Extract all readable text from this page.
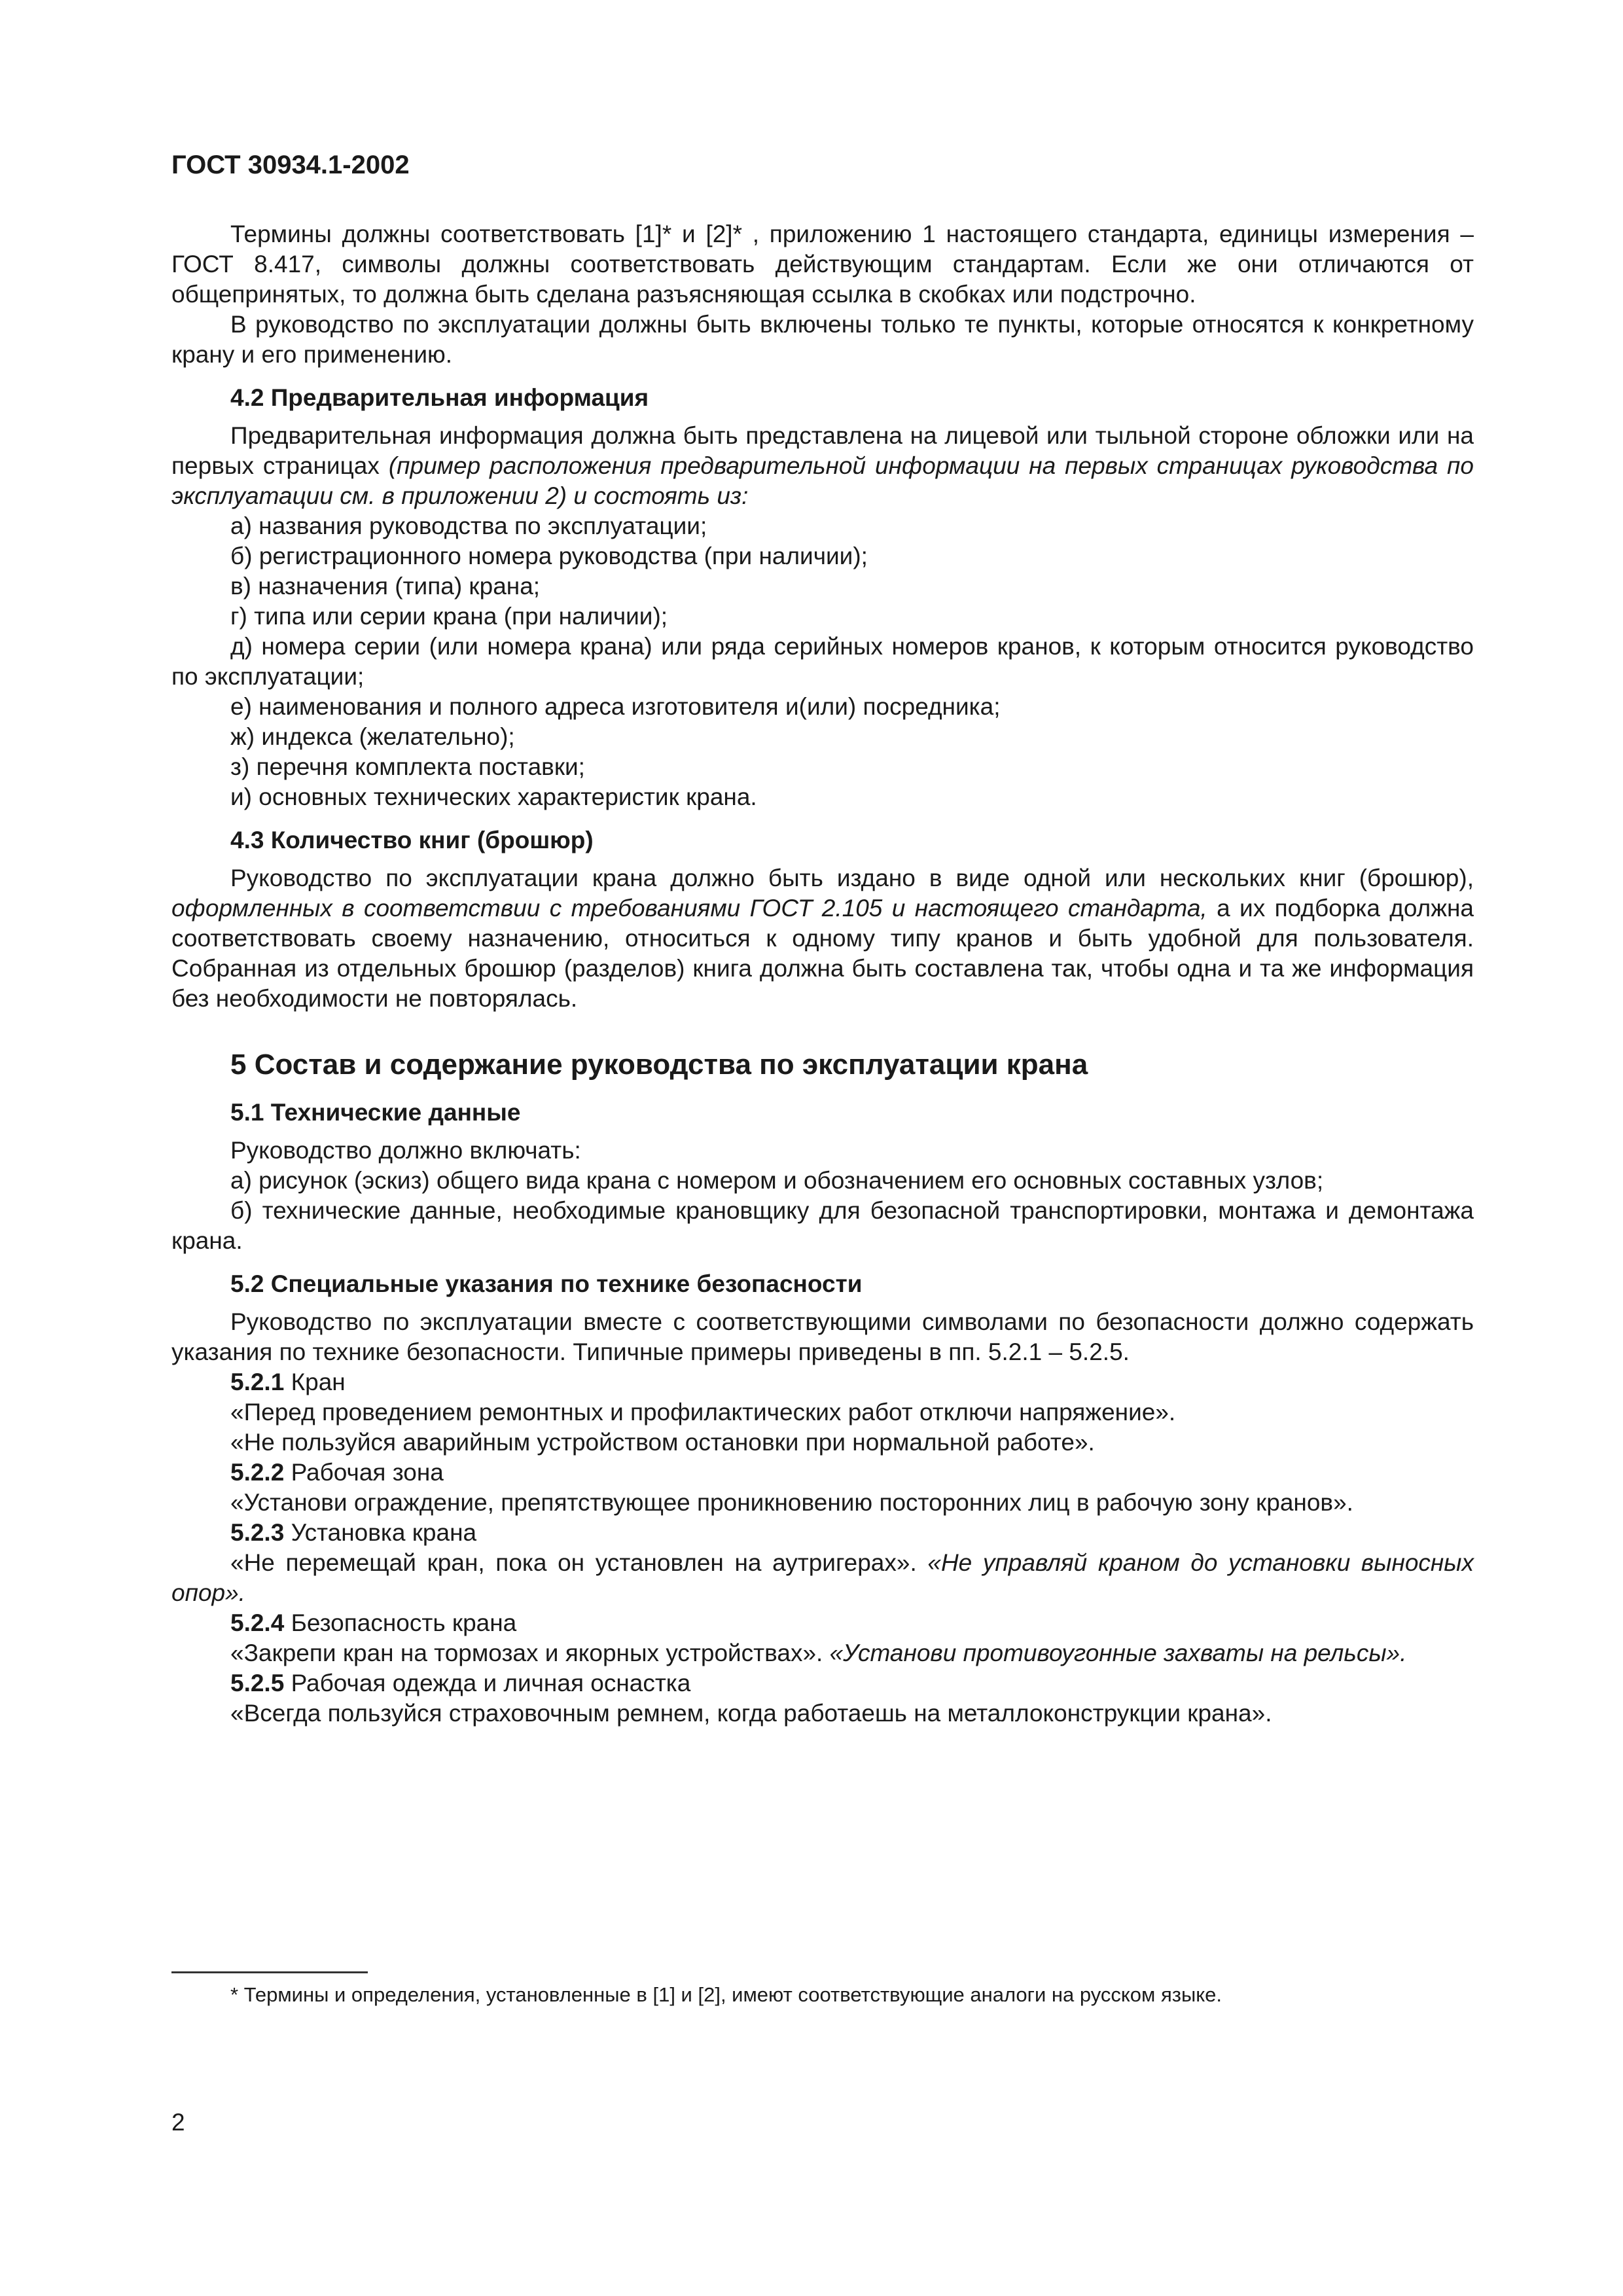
ГОСТ 30934.1-2002

Термины должны соответствовать [1]* и [2]* , приложению 1 настоящего стандарта, единицы измерения – ГОСТ 8.417, символы должны соответствовать действующим стандартам. Если же они отличаются от общепринятых, то должна быть сделана разъясняющая ссылка в скобках или подстрочно.

В руководство по эксплуатации должны быть включены только те пункты, которые относятся к конкретному крану и его применению.

4.2 Предварительная информация

Предварительная информация должна быть представлена на лицевой или тыльной стороне обложки или на первых страницах (пример расположения предварительной информации на первых страницах руководства по эксплуатации см. в приложении 2) и состоять из:

а) названия руководства по эксплуатации;

б) регистрационного номера руководства (при наличии);

в) назначения (типа) крана;

г) типа или серии крана (при наличии);

д) номера серии (или номера крана) или ряда серийных номеров кранов, к которым относится руководство по эксплуатации;

е) наименования и полного адреса изготовителя и(или) посредника;

ж) индекса (желательно);

з) перечня комплекта поставки;

и) основных технических характеристик крана.

4.3 Количество книг (брошюр)

Руководство по эксплуатации крана должно быть издано в виде одной или нескольких книг (брошюр), оформленных в соответствии с требованиями ГОСТ 2.105 и настоящего стандарта, а их подборка должна соответствовать своему назначению, относиться к одному типу кранов и быть удобной для пользователя. Собранная из отдельных брошюр (разделов) книга должна быть составлена так, чтобы одна и та же информация без необходимости не повторялась.

5 Состав и содержание руководства по эксплуатации крана
5.1 Технические данные

Руководство должно включать:

а) рисунок (эскиз) общего вида крана с номером и обозначением его основных составных узлов;

б) технические данные, необходимые крановщику для безопасной транспортировки, монтажа и демонтажа крана.

5.2 Специальные указания по технике безопасности

Руководство по эксплуатации вместе с соответствующими символами по безопасности должно содержать указания по технике безопасности. Типичные примеры приведены в пп. 5.2.1 – 5.2.5.

5.2.1 Кран

«Перед проведением ремонтных и профилактических работ отключи напряжение».

«Не пользуйся аварийным устройством остановки при нормальной работе».

5.2.2 Рабочая зона

«Установи ограждение, препятствующее проникновению посторонних лиц в рабочую зону кранов».

5.2.3 Установка крана

«Не перемещай кран, пока он установлен на аутригерах». «Не управляй краном до установки выносных опор».

5.2.4 Безопасность крана

«Закрепи кран на тормозах и якорных устройствах». «Установи противоугонные захваты на рельсы».

5.2.5 Рабочая одежда и личная оснастка

«Всегда пользуйся страховочным ремнем, когда работаешь на металлоконструкции крана».

* Термины и определения, установленные в [1] и [2], имеют соответствующие аналоги на русском языке.
2
